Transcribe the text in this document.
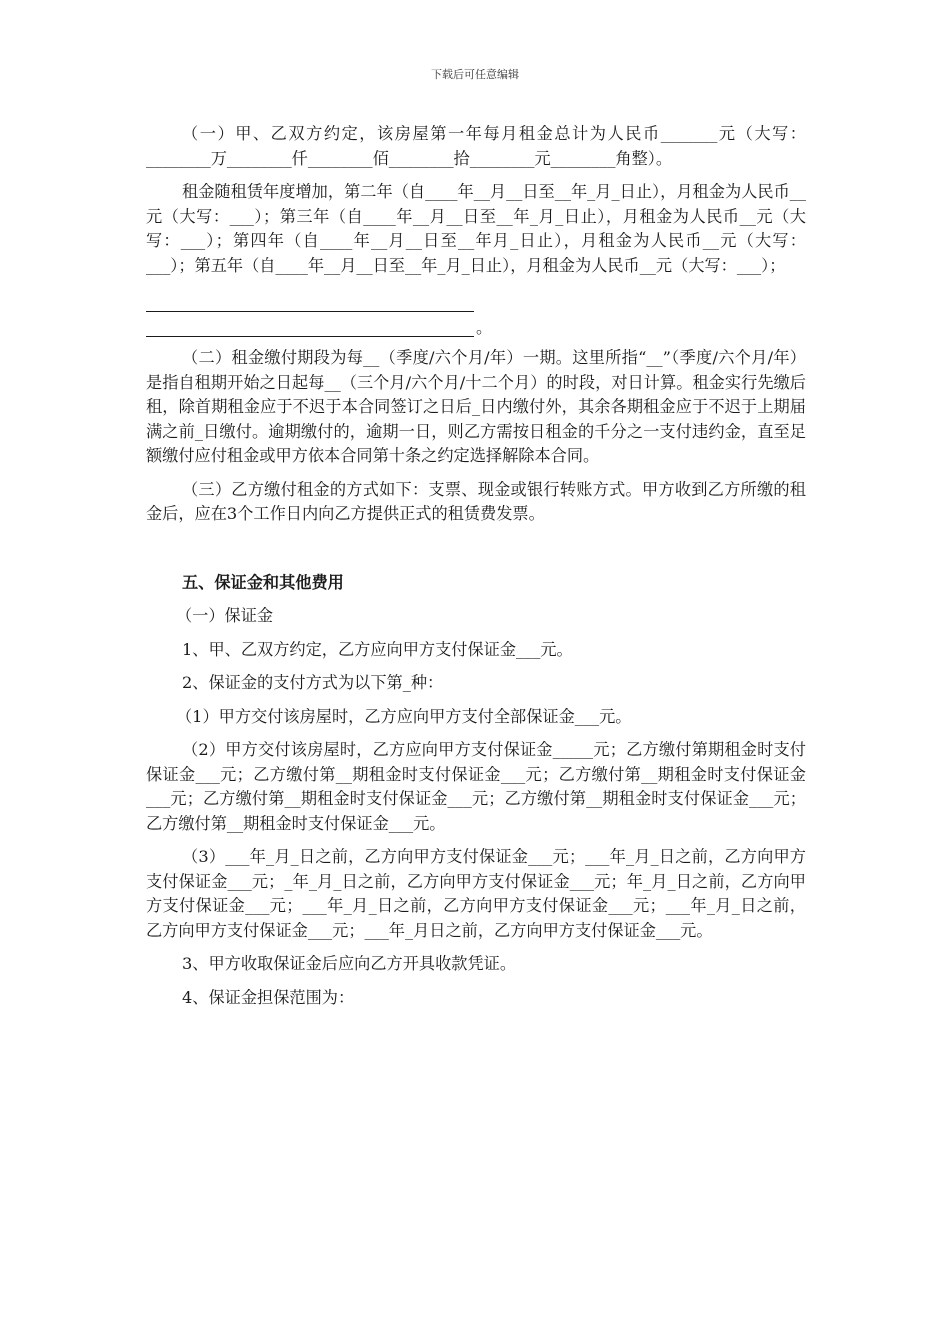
下载后可任意编辑

（一）甲、乙双方约定，该房屋第一年每月租金总计为人民币_______元（大写：________万________仟________佰________拾________元________角整）。

租金随租赁年度增加，第二年（自____年__月__日至__年_月_日止），月租金为人民币__元（大写：___）；第三年（自____年__月__日至__年_月_日止），月租金为人民币__元（大写：___）；第四年（自____年__月__日至__年月_日止），月租金为人民币__元（大写：___）；第五年（自____年__月__日至__年_月_日止），月租金为人民币__元（大写：___）；

。

（二）租金缴付期段为每__（季度/六个月/年）一期。这里所指“__”（季度/六个月/年）是指自租期开始之日起每__（三个月/六个月/十二个月）的时段，对日计算。租金实行先缴后租，除首期租金应于不迟于本合同签订之日后_日内缴付外，其余各期租金应于不迟于上期届满之前_日缴付。逾期缴付的，逾期一日，则乙方需按日租金的千分之一支付违约金，直至足额缴付应付租金或甲方依本合同第十条之约定选择解除本合同。

（三）乙方缴付租金的方式如下：支票、现金或银行转账方式。甲方收到乙方所缴的租金后，应在3个工作日内向乙方提供正式的租赁费发票。

五、保证金和其他费用

（一）保证金

1、甲、乙双方约定，乙方应向甲方支付保证金___元。

2、保证金的支付方式为以下第_种：

（1）甲方交付该房屋时，乙方应向甲方支付全部保证金___元。

（2）甲方交付该房屋时，乙方应向甲方支付保证金_____元；乙方缴付第期租金时支付保证金___元；乙方缴付第__期租金时支付保证金___元；乙方缴付第__期租金时支付保证金___元；乙方缴付第__期租金时支付保证金___元；乙方缴付第__期租金时支付保证金___元；乙方缴付第__期租金时支付保证金___元。

（3）___年_月_日之前，乙方向甲方支付保证金___元；___年_月_日之前，乙方向甲方支付保证金___元；_年_月_日之前，乙方向甲方支付保证金___元；年_月_日之前，乙方向甲方支付保证金___元；___年_月_日之前，乙方向甲方支付保证金___元；___年_月_日之前，乙方向甲方支付保证金___元；___年_月日之前，乙方向甲方支付保证金___元。

3、甲方收取保证金后应向乙方开具收款凭证。

4、保证金担保范围为：
